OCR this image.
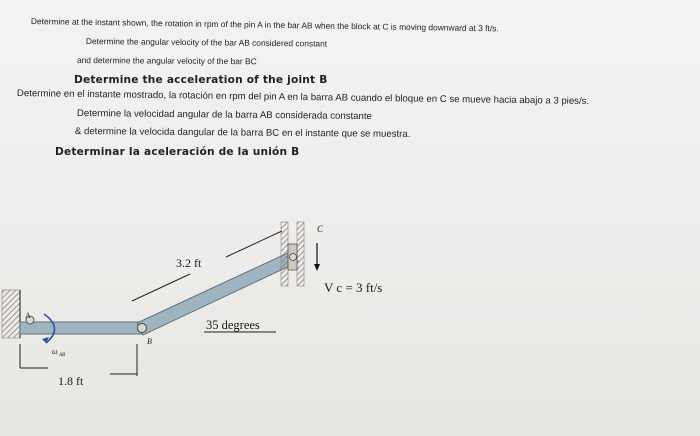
Determine at the instant shown, the rotation in rpm of the pin A in the bar AB when the block at C is moving downward at 3 ft/s.
Determine the angular velocity of the bar AB considered constant
and determine the angular velocity of the bar BC
Determine the acceleration of the joint B
Determine en el instante mostrado, la rotación en rpm del pin A en la barra AB cuando el bloque en C se mueve hacia abajo a 3 pies/s.
Determine la velocidad angular de la barra AB considerada constante
& determine la velocida dangular de la barra BC en el instante que se muestra.
Determinar la aceleración de la unión B
A
B
C
ω AB
3.2 ft
1.8 ft
35 degrees
V c = 3 ft/s
